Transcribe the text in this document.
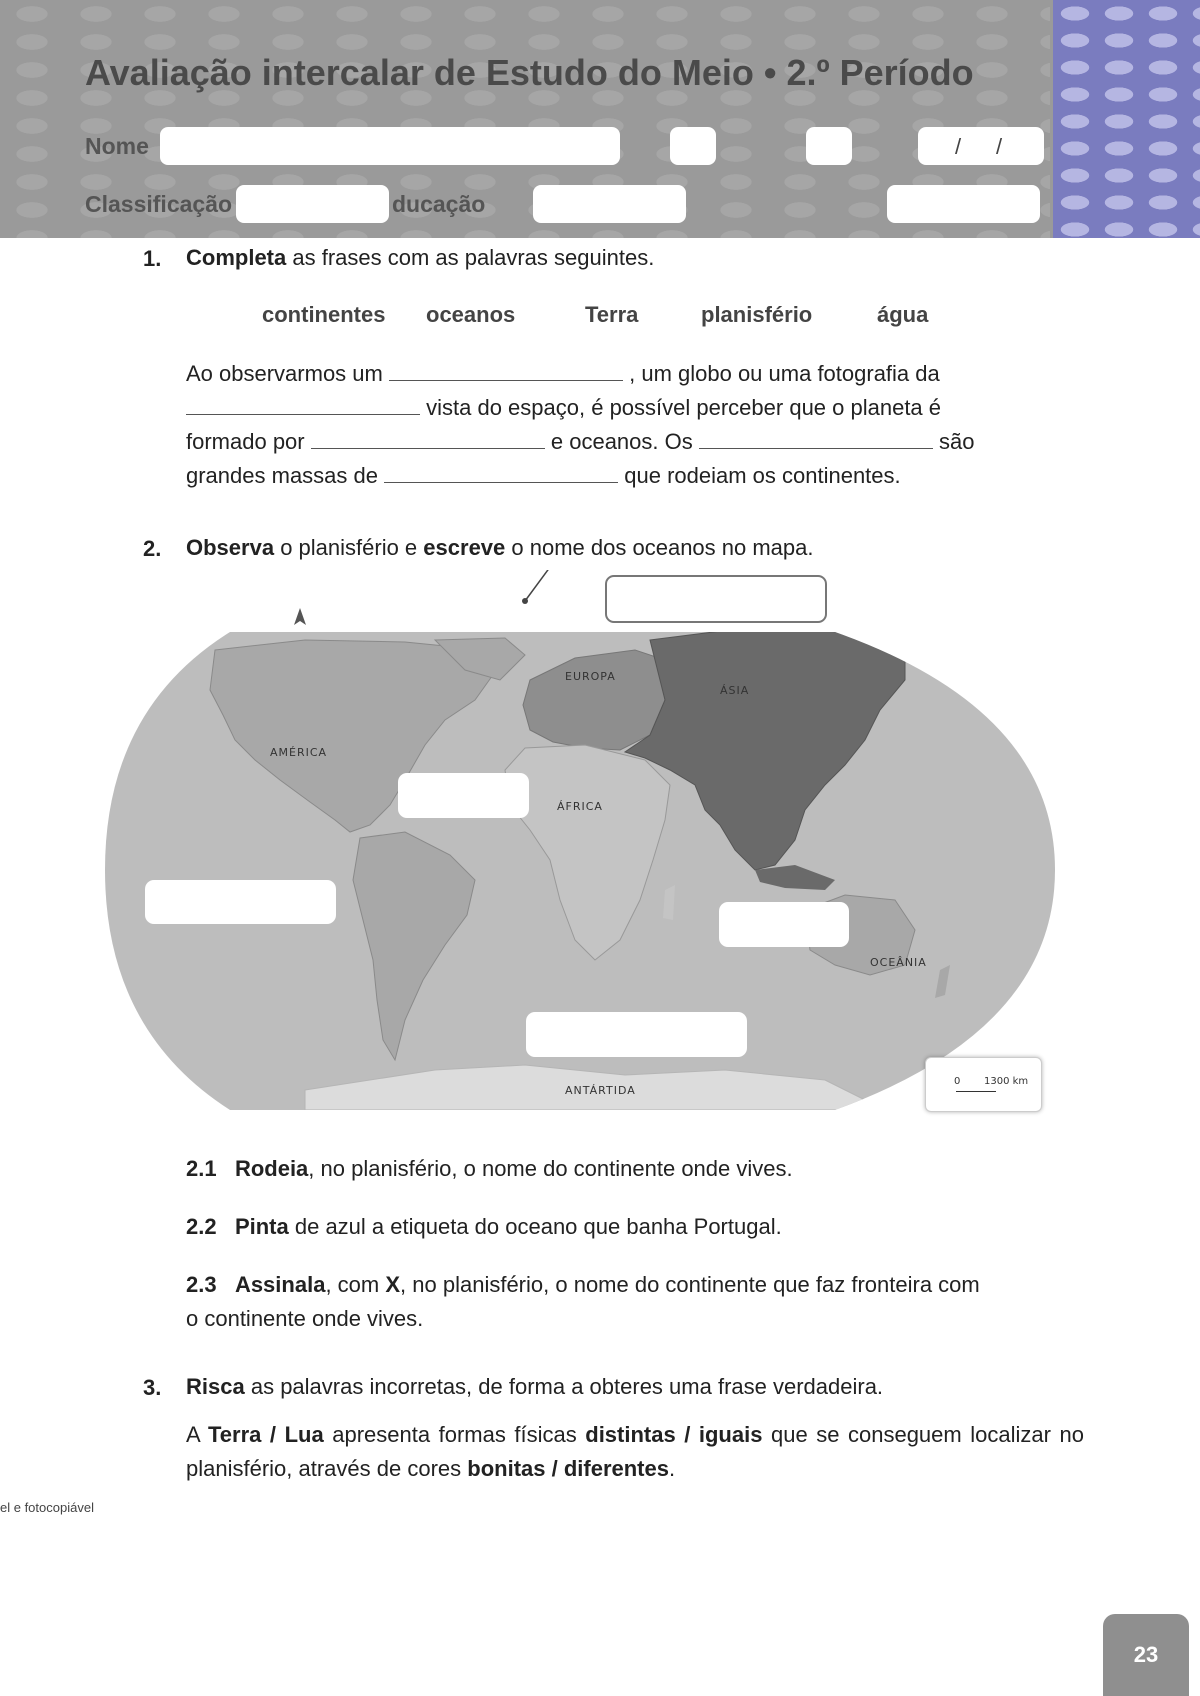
Avaliação intercalar de Estudo do Meio • 2.º Período
Nome	/ /
Classificação	ducação
1. Completa as frases com as palavras seguintes.
continentes oceanos	Terra	planisfério	água
Ao observarmos um	, um globo ou uma fotografia da
vista do espaço, é possível perceber que o planeta é
formado por	e oceanos. Os	são
grandes massas de	que rodeiam os continentes.
2. Observa o planisfério e escreve o nome dos oceanos no mapa.
EUROPA
ÁSIA
AMÉRICA
ÁFRICA
OCEÂNIA
ANTÁRTIDA
0 1300 km
2.1 Rodeia, no planisfério, o nome do continente onde vives.
2.2 Pinta de azul a etiqueta do oceano que banha Portugal.
2.3 Assinala, com X, no planisfério, o nome do continente que faz fronteira com
o continente onde vives.
3. Risca as palavras incorretas, de forma a obteres uma frase verdadeira.
A Terra / Lua apresenta formas físicas distintas / iguais que se conseguem localizar no planisfério, através de cores bonitas / diferentes.
el e fotocopiável
23
